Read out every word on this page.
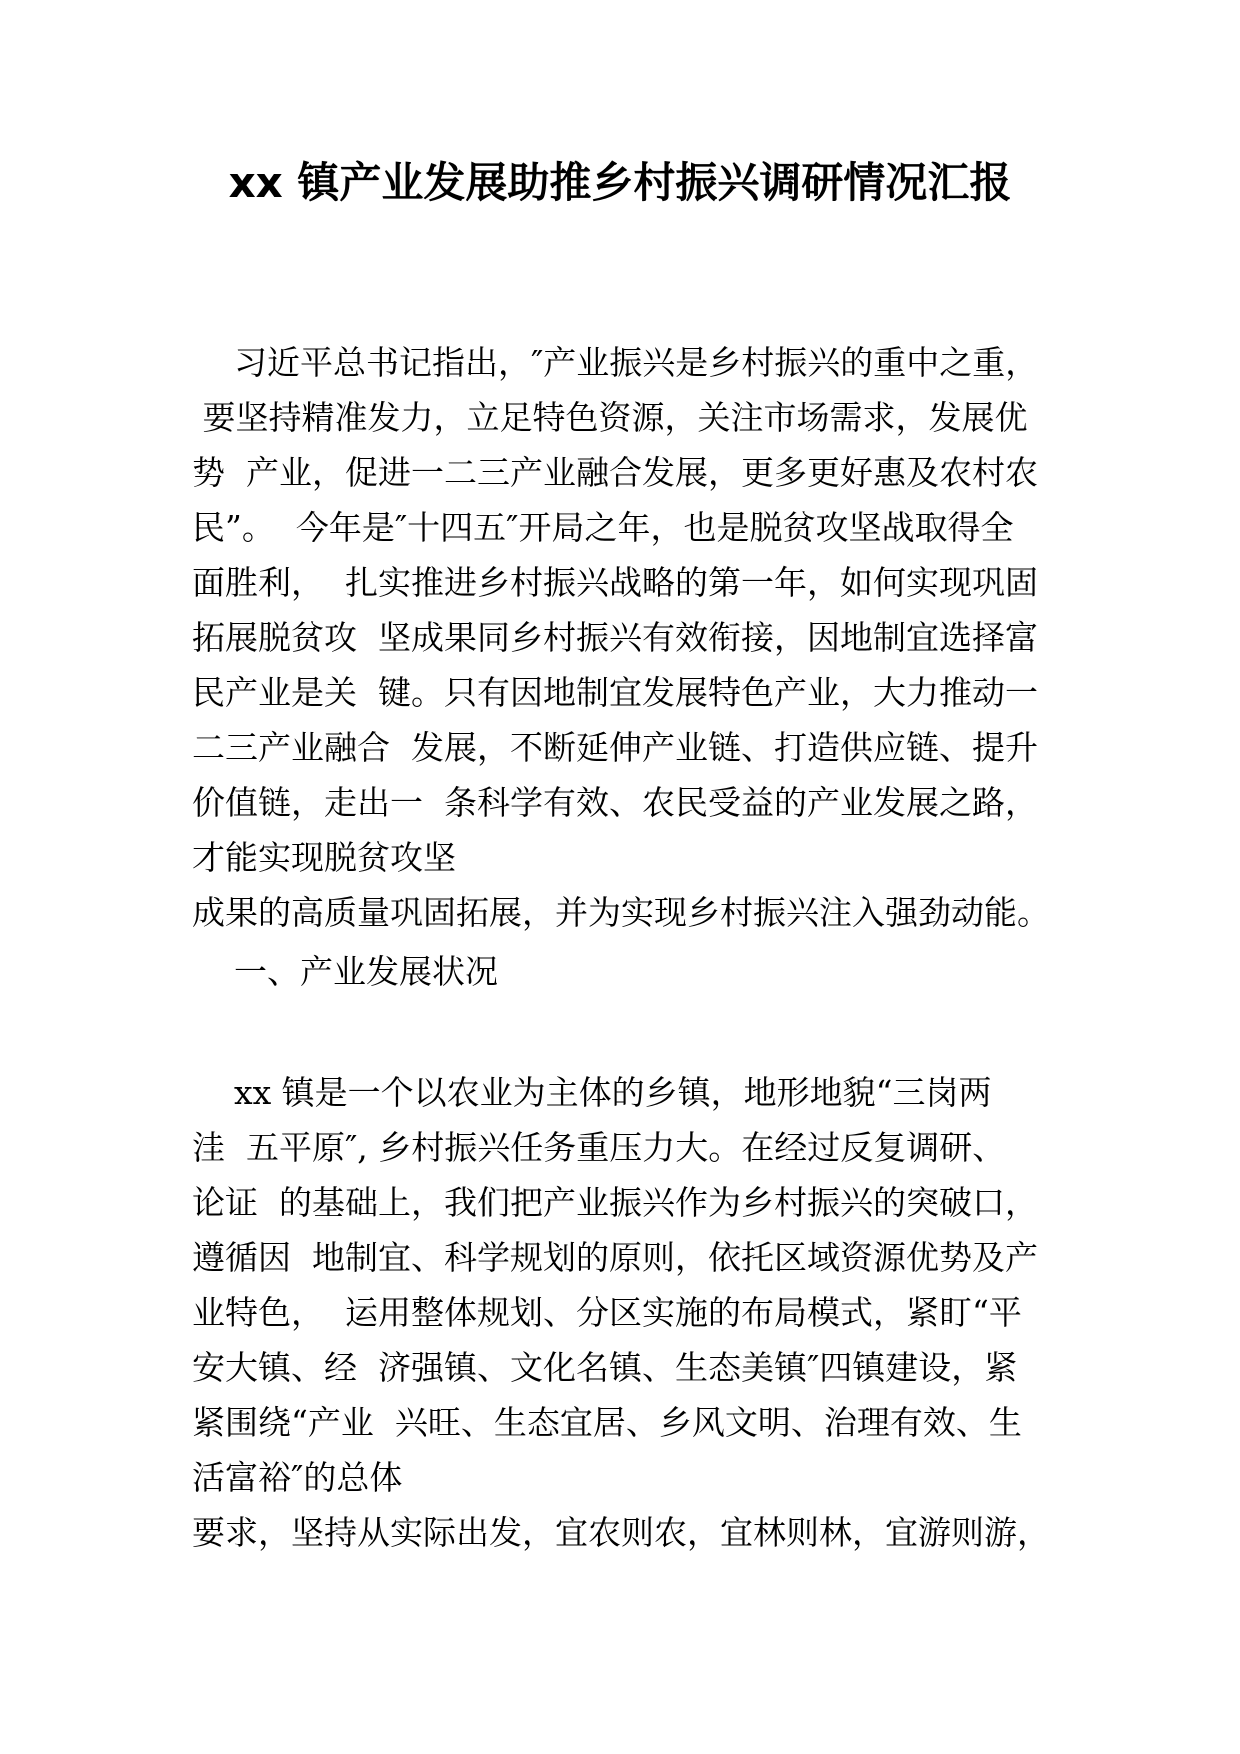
xx 镇产业发展助推乡村振兴调研情况汇报
习近平总书记指出，″产业振兴是乡村振兴的重中之重，
要坚持精准发力，立足特色资源，关注市场需求，发展优
势  产业，促进一二三产业融合发展，更多更好惠及农村农
民”。  今年是″十四五″开局之年，也是脱贫攻坚战取得全
面胜利，  扎实推进乡村振兴战略的第一年，如何实现巩固
拓展脱贫攻  坚成果同乡村振兴有效衔接，因地制宜选择富
民产业是关  键。只有因地制宜发展特色产业，大力推动一
二三产业融合  发展，不断延伸产业链、打造供应链、提升
价值链，走出一  条科学有效、农民受益的产业发展之路，
才能实现脱贫攻坚
成果的高质量巩固拓展，并为实现乡村振兴注入强劲动能。
一、产业发展状况
xx 镇是一个以农业为主体的乡镇，地形地貌“三岗两
洼  五平原″, 乡村振兴任务重压力大。在经过反复调研、
论证  的基础上，我们把产业振兴作为乡村振兴的突破口，
遵循因  地制宜、科学规划的原则，依托区域资源优势及产
业特色，  运用整体规划、分区实施的布局模式，紧盯“平
安大镇、经  济强镇、文化名镇、生态美镇″四镇建设，紧
紧围绕“产业  兴旺、生态宜居、乡风文明、治理有效、生
活富裕″的总体
要求，坚持从实际出发，宜农则农，宜林则林，宜游则游，
